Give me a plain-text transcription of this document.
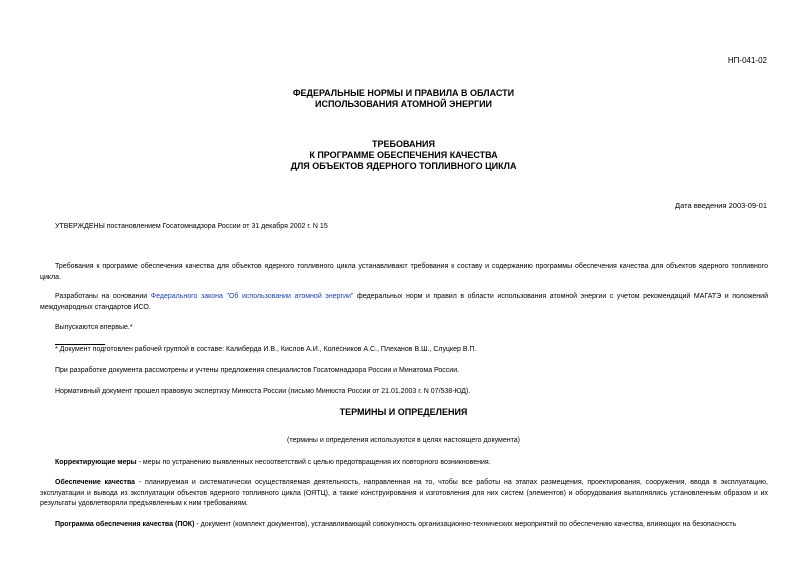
НП-041-02
ФЕДЕРАЛЬНЫЕ НОРМЫ И ПРАВИЛА В ОБЛАСТИ
ИСПОЛЬЗОВАНИЯ АТОМНОЙ ЭНЕРГИИ
ТРЕБОВАНИЯ
К ПРОГРАММЕ ОБЕСПЕЧЕНИЯ КАЧЕСТВА
ДЛЯ ОБЪЕКТОВ ЯДЕРНОГО ТОПЛИВНОГО ЦИКЛА
Дата введения 2003-09-01
УТВЕРЖДЕНЫ постановлением Госатомнадзора России от 31 декабря 2002 г. N 15
Требования к программе обеспечения качества для объектов ядерного топливного цикла устанавливают требования к составу и содержанию программы обеспечения качества для объектов ядерного топливного цикла.
Разработаны на основании Федерального закона "Об использовании атомной энергии" федеральных норм и правил в области использования атомной энергии с учетом рекомендаций МАГАТЭ и положений международных стандартов ИСО.
Выпускаются впервые.*
* Документ подготовлен рабочей группой в составе: Калиберда И.В., Кислов А.И., Колесников А.С., Плеханов В.Ш., Слуцкер В.П.
При разработке документа рассмотрены и учтены предложения специалистов Госатомнадзора России и Минатома России.
Нормативный документ прошел правовую экспертизу Минюста России (письмо Минюста России от 21.01.2003 г. N 07/538-ЮД).
ТЕРМИНЫ И ОПРЕДЕЛЕНИЯ
(термины и определения используются в целях настоящего документа)
Корректирующие меры - меры по устранению выявленных несоответствий с целью предотвращения их повторного возникновения.
Обеспечение качества - планируемая и систематически осуществляемая деятельность, направленная на то, чтобы все работы на этапах размещения, проектирования, сооружения, ввода в эксплуатацию, эксплуатации и вывода из эксплуатации объектов ядерного топливного цикла (ОЯТЦ), а также конструирования и изготовления для них систем (элементов) и оборудования выполнялись установленным образом и их результаты удовлетворяли предъявленным к ним требованиям.
Программа обеспечения качества (ПОК) - документ (комплект документов), устанавливающий совокупность организационно-технических мероприятий по обеспечению качества, влияющих на безопасность
